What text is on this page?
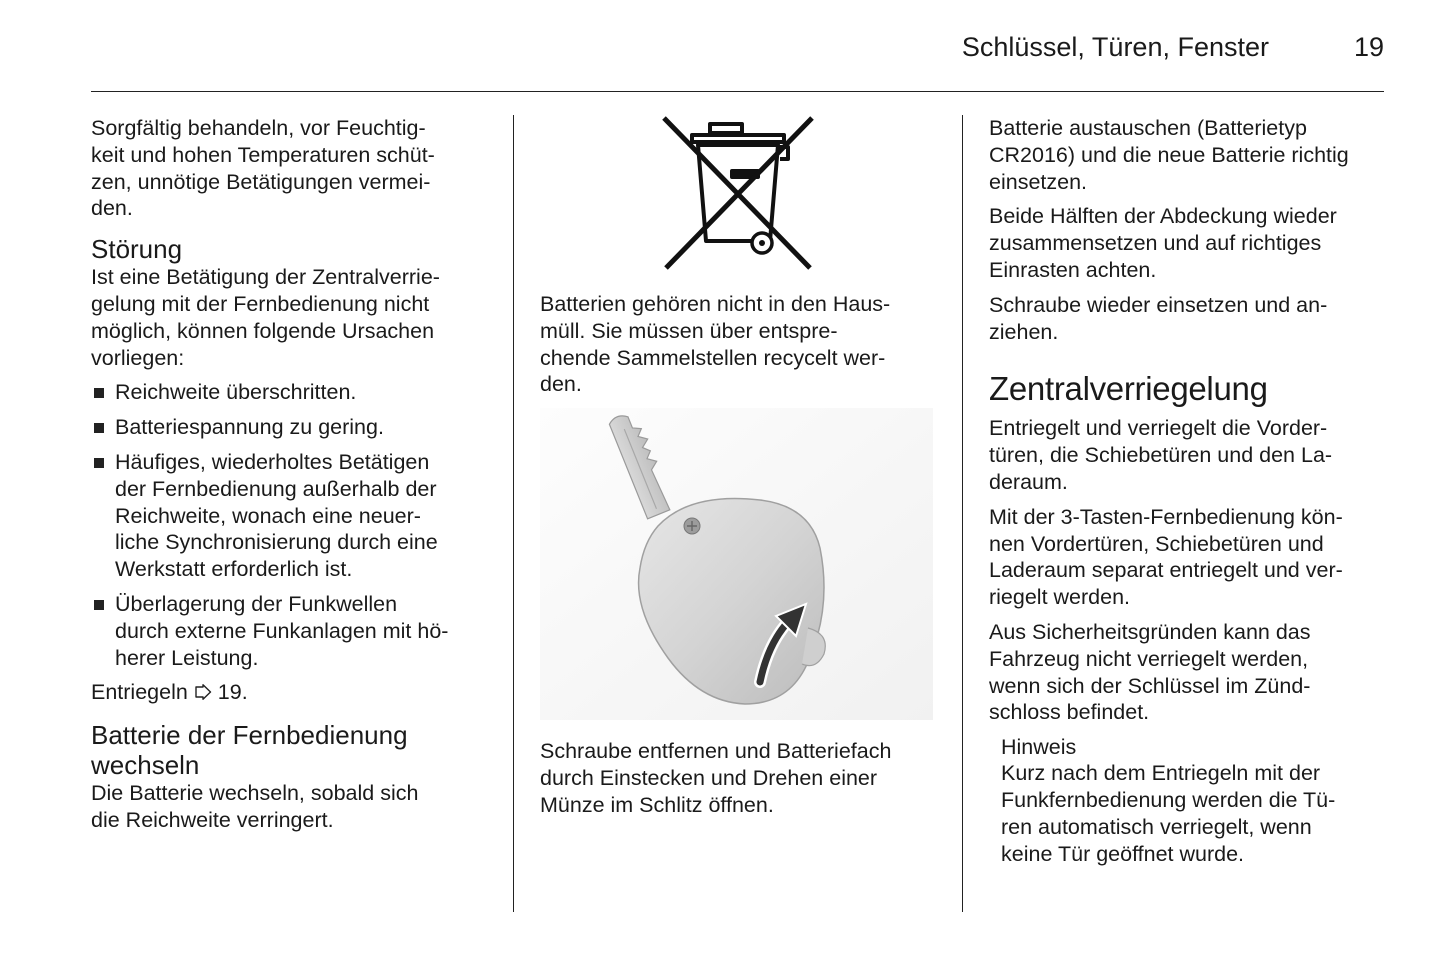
Schlüssel, Türen, Fenster	19

Sorgfältig behandeln, vor Feuchtig-
keit und hohen Temperaturen schüt-
zen, unnötige Betätigungen vermei-
den.

Störung

Ist eine Betätigung der Zentralverrie-
gelung mit der Fernbedienung nicht
möglich, können folgende Ursachen
vorliegen:

Reichweite überschritten.
Batteriespannung zu gering.
Häufiges, wiederholtes Betätigen
der Fernbedienung außerhalb der
Reichweite, wonach eine neuer-
liche Synchronisierung durch eine
Werkstatt erforderlich ist.
Überlagerung der Funkwellen
durch externe Funkanlagen mit hö-
herer Leistung.

Entriegeln 19.

Batterie der Fernbedienung
wechseln

Die Batterie wechseln, sobald sich
die Reichweite verringert.

Batterien gehören nicht in den Haus-
müll. Sie müssen über entspre-
chende Sammelstellen recycelt wer-
den.

Schraube entfernen und Batteriefach
durch Einstecken und Drehen einer
Münze im Schlitz öffnen.

Batterie austauschen (Batterietyp
CR2016) und die neue Batterie richtig
einsetzen.

Beide Hälften der Abdeckung wieder
zusammensetzen und auf richtiges
Einrasten achten.

Schraube wieder einsetzen und an-
ziehen.

Zentralverriegelung

Entriegelt und verriegelt die Vorder-
türen, die Schiebetüren und den La-
deraum.

Mit der 3-Tasten-Fernbedienung kön-
nen Vordertüren, Schiebetüren und
Laderaum separat entriegelt und ver-
riegelt werden.

Aus Sicherheitsgründen kann das
Fahrzeug nicht verriegelt werden,
wenn sich der Schlüssel im Zünd-
schloss befindet.

Hinweis
Kurz nach dem Entriegeln mit der
Funkfernbedienung werden die Tü-
ren automatisch verriegelt, wenn
keine Tür geöffnet wurde.
